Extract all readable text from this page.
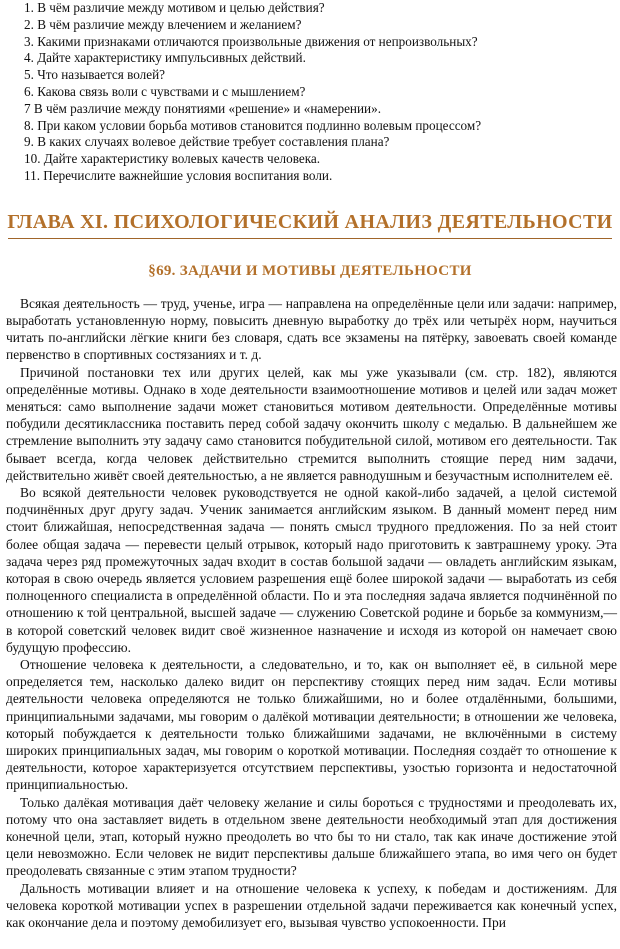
1. В чём различие между мотивом и целью действия?
2. В чём различие между влечением и желанием?
3. Какими признаками отличаются произвольные движения от непроизвольных?
4. Дайте характеристику импульсивных действий.
5. Что называется волей?
6. Какова связь воли с чувствами и с мышлением?
7 В чём различие между понятиями «решение» и «намерении».
8. При каком условии борьба мотивов становится подлинно волевым процессом?
9. В каких случаях волевое действие требует составления плана?
10. Дайте характеристику волевых качеств человека.
11. Перечислите важнейшие условия воспитания воли.
ГЛАВА XI. ПСИХОЛОГИЧЕСКИЙ АНАЛИЗ ДЕЯТЕЛЬНОСТИ
§69. ЗАДАЧИ И МОТИВЫ ДЕЯТЕЛЬНОСТИ

Всякая деятельность — труд, ученье, игра — направлена на определённые цели или задачи: например, выработать установленную норму, повысить дневную выработку до трёх или четырёх норм, научиться читать по-английски лёгкие книги без словаря, сдать все экзамены на пятёрку, завоевать своей команде первенство в спортивных состязаниях и т. д.

Причиной постановки тех или других целей, как мы уже указывали (см. стр. 182), являются определённые мотивы. Однако в ходе деятельности взаимоотношение мотивов и целей или задач может меняться: само выполнение задачи может становиться мотивом деятельности. Определённые мотивы побудили десятиклассника поставить перед собой задачу окончить школу с медалью. В дальнейшем же стремление выполнить эту задачу само становится побудительной силой, мотивом его деятельности. Так бывает всегда, когда человек действительно стремится выполнить стоящие перед ним задачи, действительно живёт своей деятельностью, а не является равнодушным и безучастным исполнителем её.

Во всякой деятельности человек руководствуется не одной какой-либо задачей, а целой системой подчинённых друг другу задач. Ученик занимается английским языком. В данный момент перед ним стоит ближайшая, непосредственная задача — понять смысл трудного предложения. По за ней стоит более общая задача — перевести целый отрывок, который надо приготовить к завтрашнему уроку. Эта задача через ряд промежуточных задач входит в состав большой задачи — овладеть английским языкам, которая в свою очередь является условием разрешения ещё более широкой задачи — выработать из себя полноценного специалиста в определённой области. По и эта последняя задача является подчинённой по отношению к той центральной, высшей задаче — служению Советской родине и борьбе за коммунизм,— в которой советский человек видит своё жизненное назначение и исходя из которой он намечает свою будущую профессию.

Отношение человека к деятельности, а следовательно, и то, как он выполняет её, в сильной мере определяется тем, насколько далеко видит он перспективу стоящих перед ним задач. Если мотивы деятельности человека определяются не только ближайшими, но и более отдалёнными, большими, принципиальными задачами, мы говорим о далёкой мотивации деятельности; в отношении же человека, который побуждается к деятельности только ближайшими задачами, не включёнными в систему широких принципиальных задач, мы говорим о короткой мотивации. Последняя создаёт то отношение к деятельности, которое характеризуется отсутствием перспективы, узостью горизонта и недостаточной принципиальностью.

Только далёкая мотивация даёт человеку желание и силы бороться с трудностями и преодолевать их, потому что она заставляет видеть в отдельном звене деятельности необходимый этап для достижения конечной цели, этап, который нужно преодолеть во что бы то ни стало, так как иначе достижение этой цели невозможно. Если человек не видит перспективы дальше ближайшего этапа, во имя чего он будет преодолевать связанные с этим этапом трудности?

Дальность мотивации влияет и на отношение человека к успеху, к победам и достижениям. Для человека короткой мотивации успех в разрешении отдельной задачи переживается как конечный успех, как окончание дела и поэтому демобилизует его, вызывая чувство успокоенности. При
